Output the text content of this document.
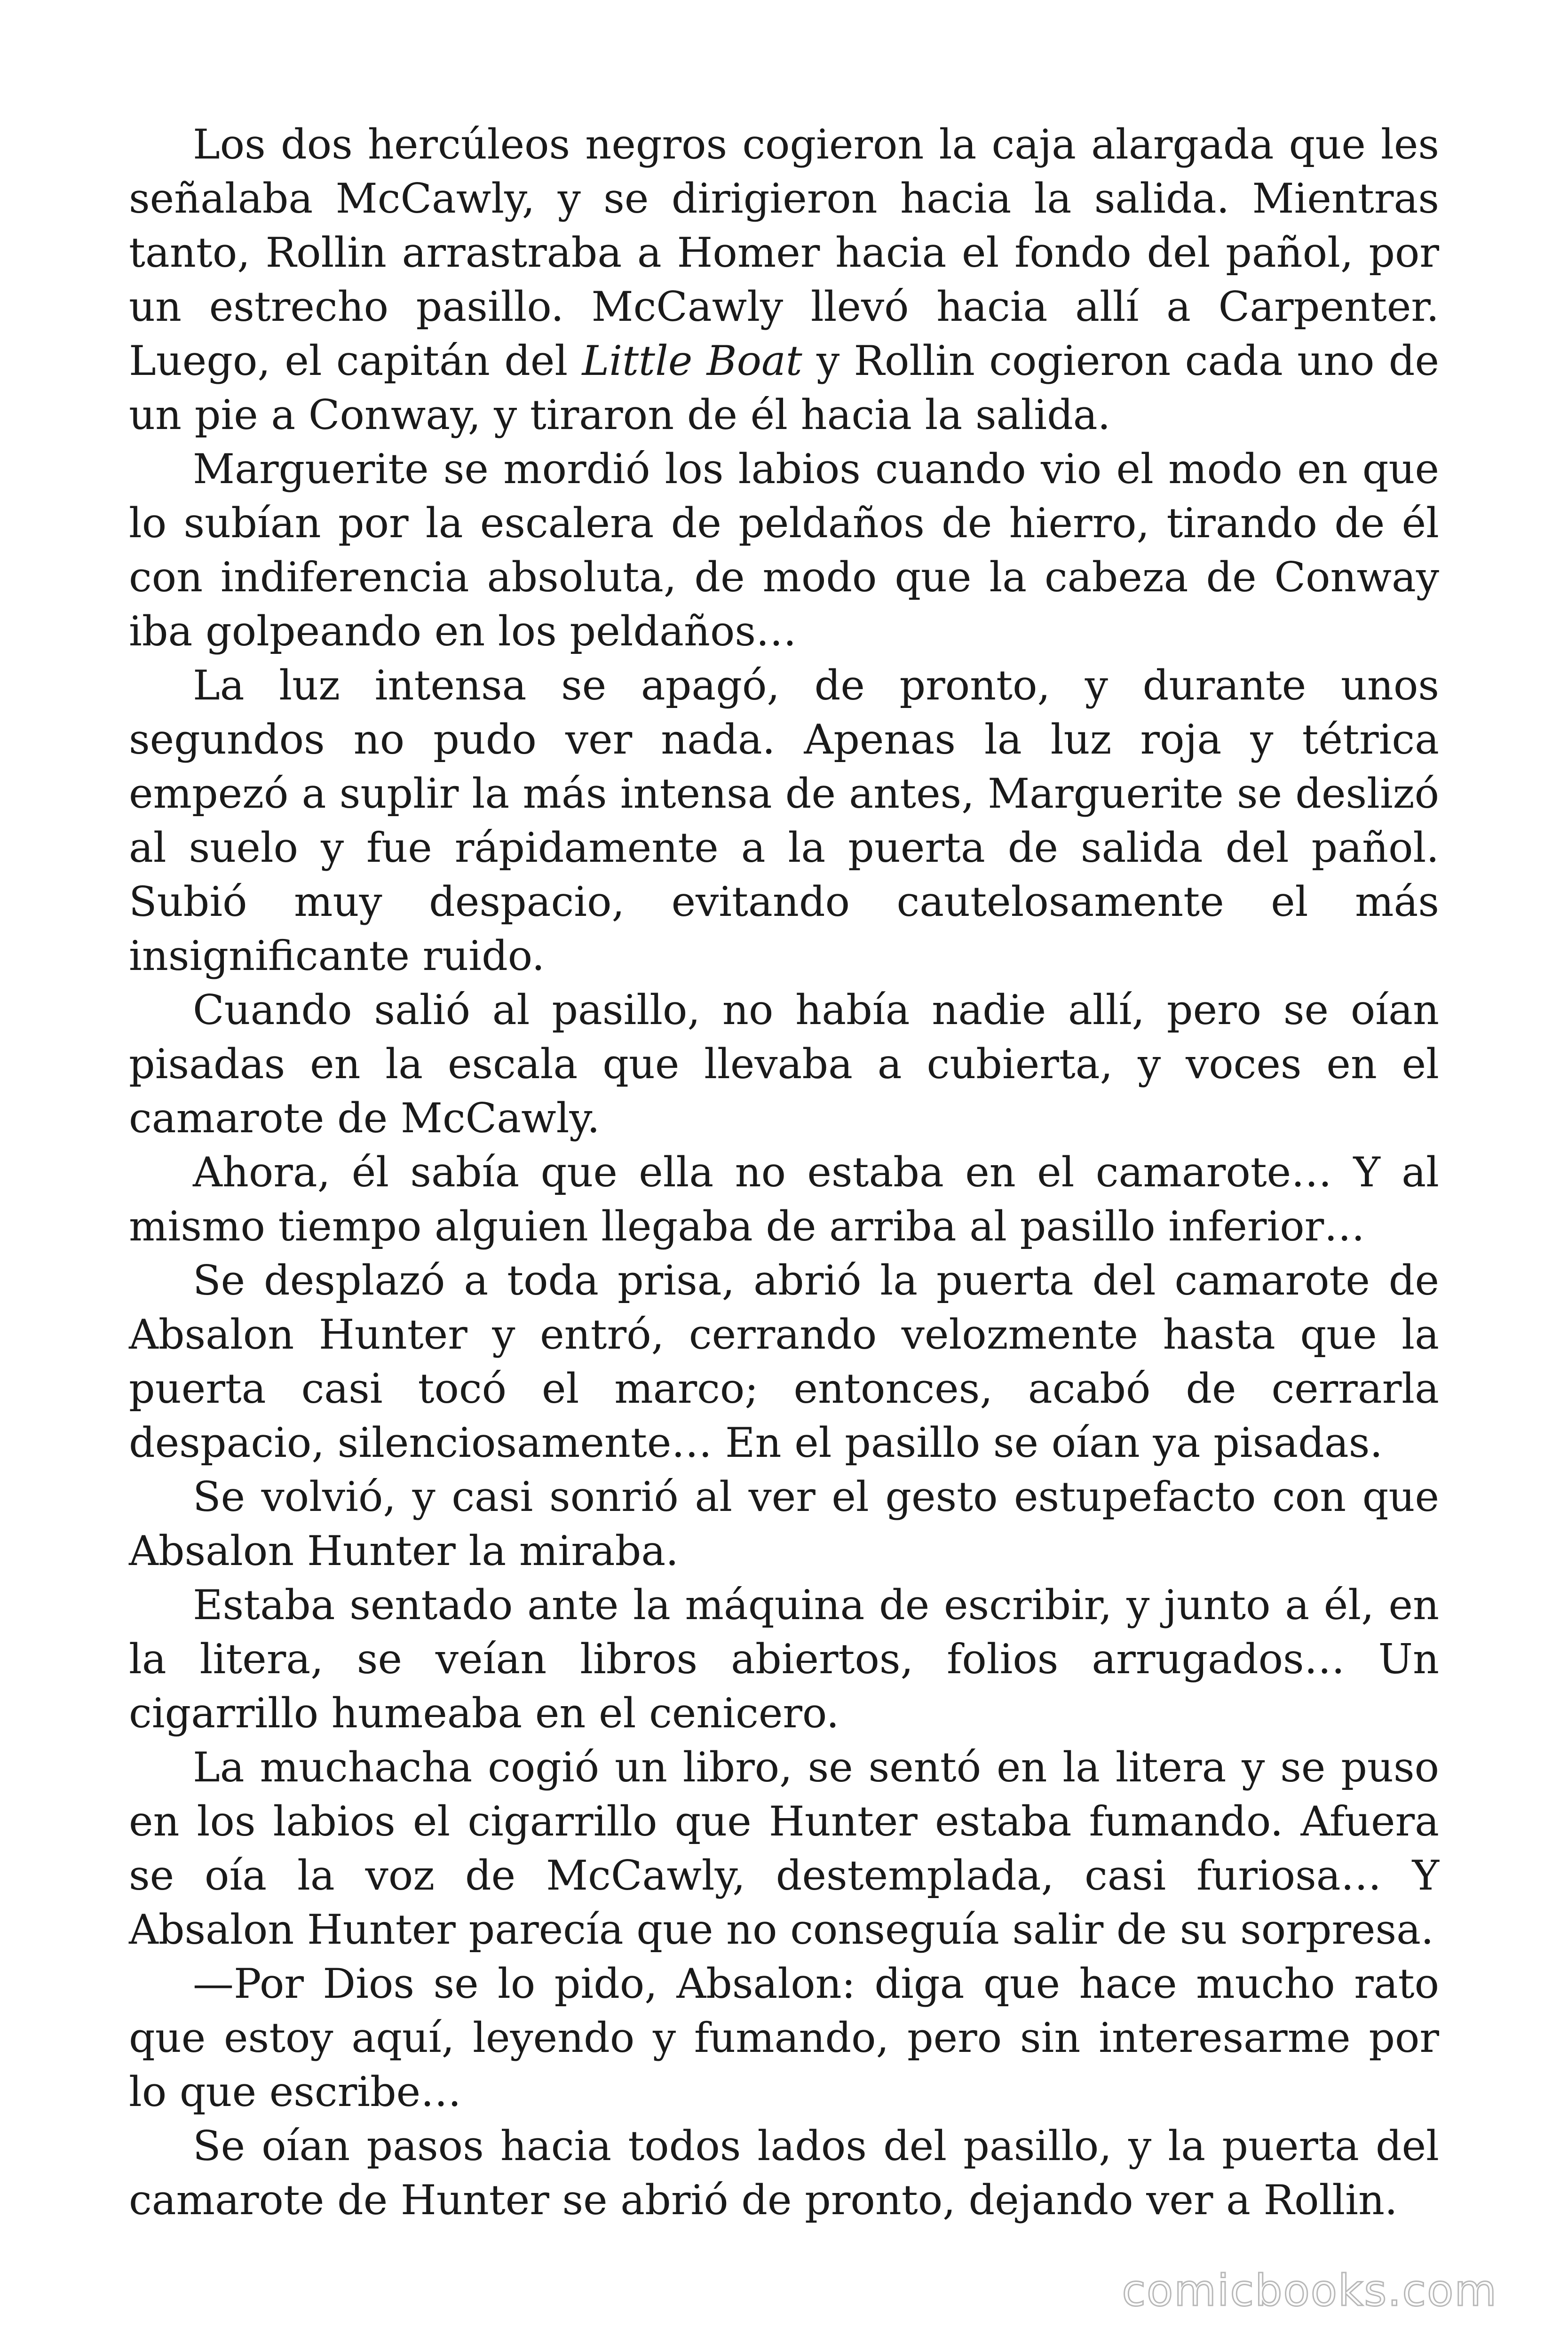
Los dos hercúleos negros cogieron la caja alargada que les señalaba McCawly, y se dirigieron hacia la salida. Mientras tanto, Rollin arrastraba a Homer hacia el fondo del pañol, por un estrecho pasillo. McCawly llevó hacia allí a Carpenter. Luego, el capitán del Little Boat y Rollin cogieron cada uno de un pie a Conway, y tiraron de él hacia la salida.

Marguerite se mordió los labios cuando vio el modo en que lo subían por la escalera de peldaños de hierro, tirando de él con indiferencia absoluta, de modo que la cabeza de Conway iba golpeando en los peldaños…

La luz intensa se apagó, de pronto, y durante unos segundos no pudo ver nada. Apenas la luz roja y tétrica empezó a suplir la más intensa de antes, Marguerite se deslizó al suelo y fue rápidamente a la puerta de salida del pañol. Subió muy despacio, evitando cautelosamente el más insignificante ruido.

Cuando salió al pasillo, no había nadie allí, pero se oían pisadas en la escala que llevaba a cubierta, y voces en el camarote de McCawly.

Ahora, él sabía que ella no estaba en el camarote… Y al mismo tiempo alguien llegaba de arriba al pasillo inferior…

Se desplazó a toda prisa, abrió la puerta del camarote de Absalon Hunter y entró, cerrando velozmente hasta que la puerta casi tocó el marco; entonces, acabó de cerrarla despacio, silenciosamente… En el pasillo se oían ya pisadas.

Se volvió, y casi sonrió al ver el gesto estupefacto con que Absalon Hunter la miraba.

Estaba sentado ante la máquina de escribir, y junto a él, en la litera, se veían libros abiertos, folios arrugados… Un cigarrillo humeaba en el cenicero.

La muchacha cogió un libro, se sentó en la litera y se puso en los labios el cigarrillo que Hunter estaba fumando. Afuera se oía la voz de McCawly, destemplada, casi furiosa… Y Absalon Hunter parecía que no conseguía salir de su sorpresa.

—Por Dios se lo pido, Absalon: diga que hace mucho rato que estoy aquí, leyendo y fumando, pero sin interesarme por lo que escribe…

Se oían pasos hacia todos lados del pasillo, y la puerta del camarote de Hunter se abrió de pronto, dejando ver a Rollin.

comicbooks.com
